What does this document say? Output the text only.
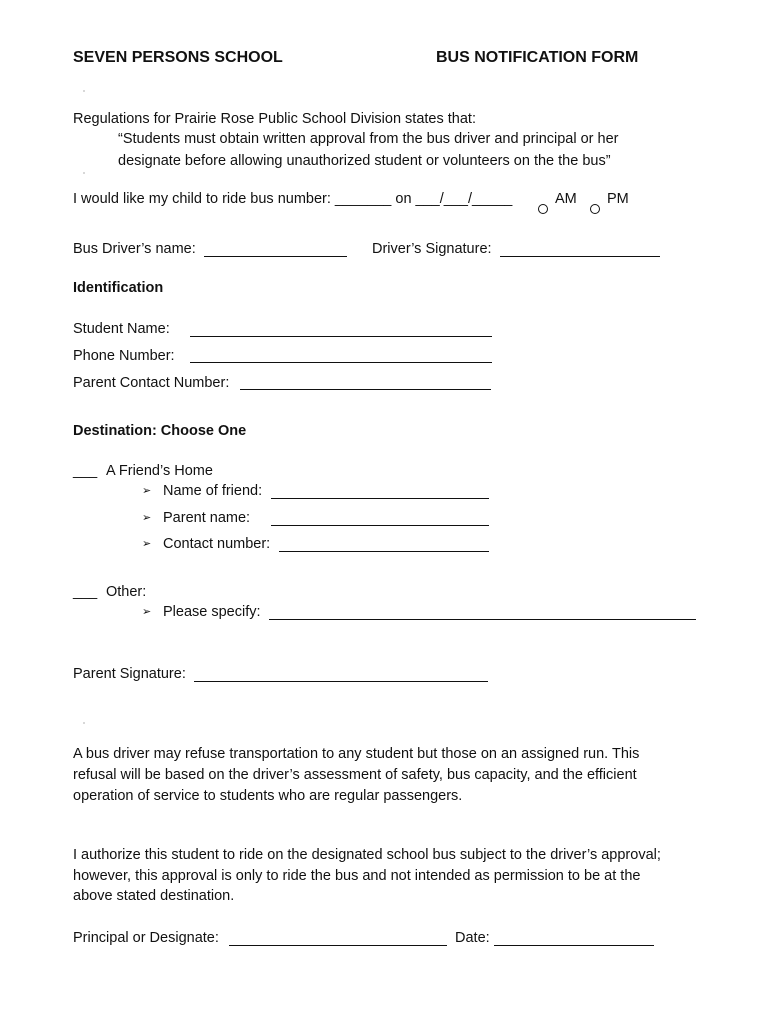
SEVEN PERSONS SCHOOL	BUS NOTIFICATION FORM
Regulations for Prairie Rose Public School Division states that:
“Students must obtain written approval from the bus driver and principal or her
designate before allowing unauthorized student or volunteers on the the bus”
I would like my child to ride bus number: _______ on ___/___/_____	AM PM
Bus Driver’s name:	Driver’s Signature:
Identification
Student Name:
Phone Number:
Parent Contact Number:
Destination: Choose One
___ A Friend’s Home
➢ Name of friend:
➢ Parent name:
➢ Contact number:
___ Other:
➢ Please specify:
Parent Signature:
A bus driver may refuse transportation to any student but those on an assigned run. This
refusal will be based on the driver’s assessment of safety, bus capacity, and the efficient
operation of service to students who are regular passengers.
I authorize this student to ride on the designated school bus subject to the driver’s approval;
however, this approval is only to ride the bus and not intended as permission to be at the
above stated destination.
Principal or Designate:	Date:
